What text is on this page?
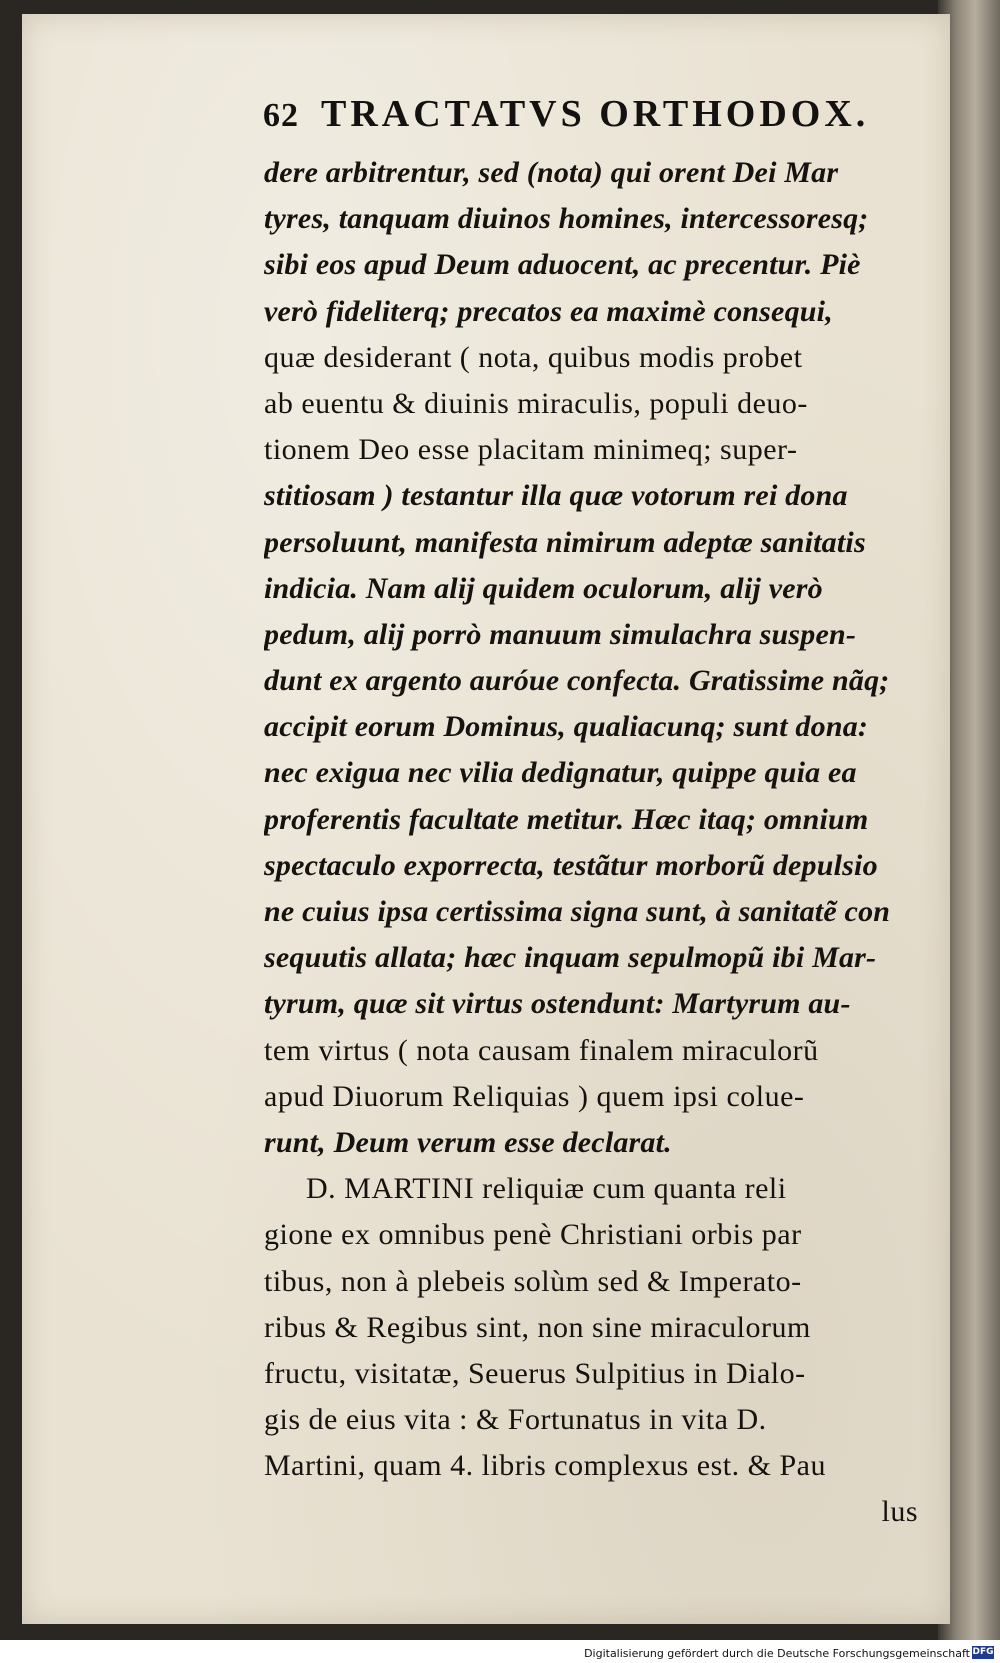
62 TRACTATVS ORTHODOX.
dere arbitrentur, sed (nota) qui orent Dei Mar
tyres, tanquam diuinos homines, intercessoresq;
sibi eos apud Deum aduocent, ac precentur. Piè
verò fideliterq; precatos ea maximè consequi,
quæ desiderant ( nota, quibus modis probet
ab euentu & diuinis miraculis, populi deuo-
tionem Deo esse placitam minimeq; super-
stitiosam ) testantur illa quæ votorum rei dona
persoluunt, manifesta nimirum adeptæ sanitatis
indicia. Nam alij quidem oculorum, alij verò
pedum, alij porrò manuum simulachra suspen-
dunt ex argento auróue confecta. Gratissime nãq;
accipit eorum Dominus, qualiacunq; sunt dona:
nec exigua nec vilia dedignatur, quippe quia ea
proferentis facultate metitur. Hæc itaq; omnium
spectaculo exporrecta, testãtur morborũ depulsio
ne cuius ipsa certissima signa sunt, à sanitatẽ con
sequutis allata; hæc inquam sepulторũ ibi Mar-
tyrum, quæ sit virtus ostendunt: Martyrum au-
tem virtus ( nota causam finalem miraculorũ
apud Diuorum Reliquias ) quem ipsi colue-
runt, Deum verum esse declarat.
D. MARTINI reliquiæ cum quanta reli
gione ex omnibus penè Christiani orbis par
tibus, non à plebeis solùm sed & Imperato-
ribus & Regibus sint, non sine miraculorum
fructu, visitatæ, Seuerus Sulpitius in Dialo-
gis de eius vita : & Fortunatus in vita D.
Martini, quam 4. libris complexus est. & Pau
lus
Digitalisierung gefördert durch die Deutsche Forschungsgemeinschaft DFG
